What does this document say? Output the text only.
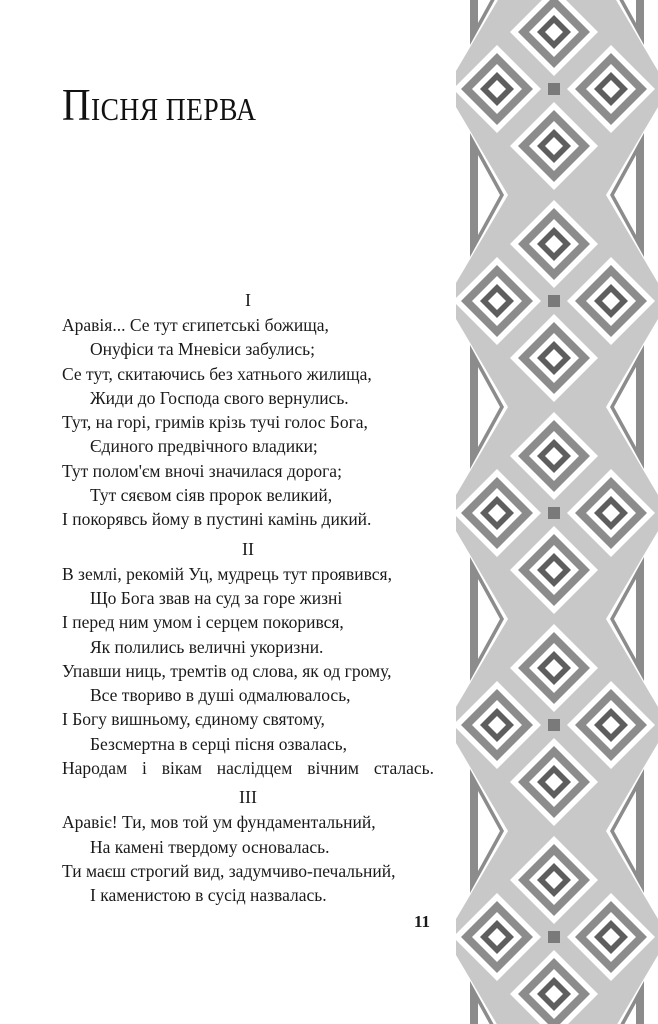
ПІСНЯ ПЕРВА
I
Аравія... Се тут єгипетські божища,
Онуфіси та Мневіси забулись;
Се тут, скитаючись без хатнього жилища,
Жиди до Господа свого вернулись.
Тут, на горі, гримів крізь тучі голос Бога,
Єдиного предвічного владики;
Тут полом'єм вночі значилася дорога;
Тут сяєвом сіяв пророк великий,
І покорявсь йому в пустині камінь дикий.
II
В землі, рекомій Уц, мудрець тут проявився,
Що Бога звав на суд за горе жизні
І перед ним умом і серцем покорився,
Як полились величні укоризни.
Упавши ниць, тремтів од слова, як од грому,
Все твориво в душі одмалювалось,
І Богу вишньому, єдиному святому,
Безсмертна в серці пісня озвалась,
Народам і вікам наслідцем вічним сталась.
III
Аравіє! Ти, мов той ум фундаментальний,
На камені твердому основалась.
Ти маєш строгий вид, задумчиво-печальний,
І каменистою в сусід назвалась.
11
